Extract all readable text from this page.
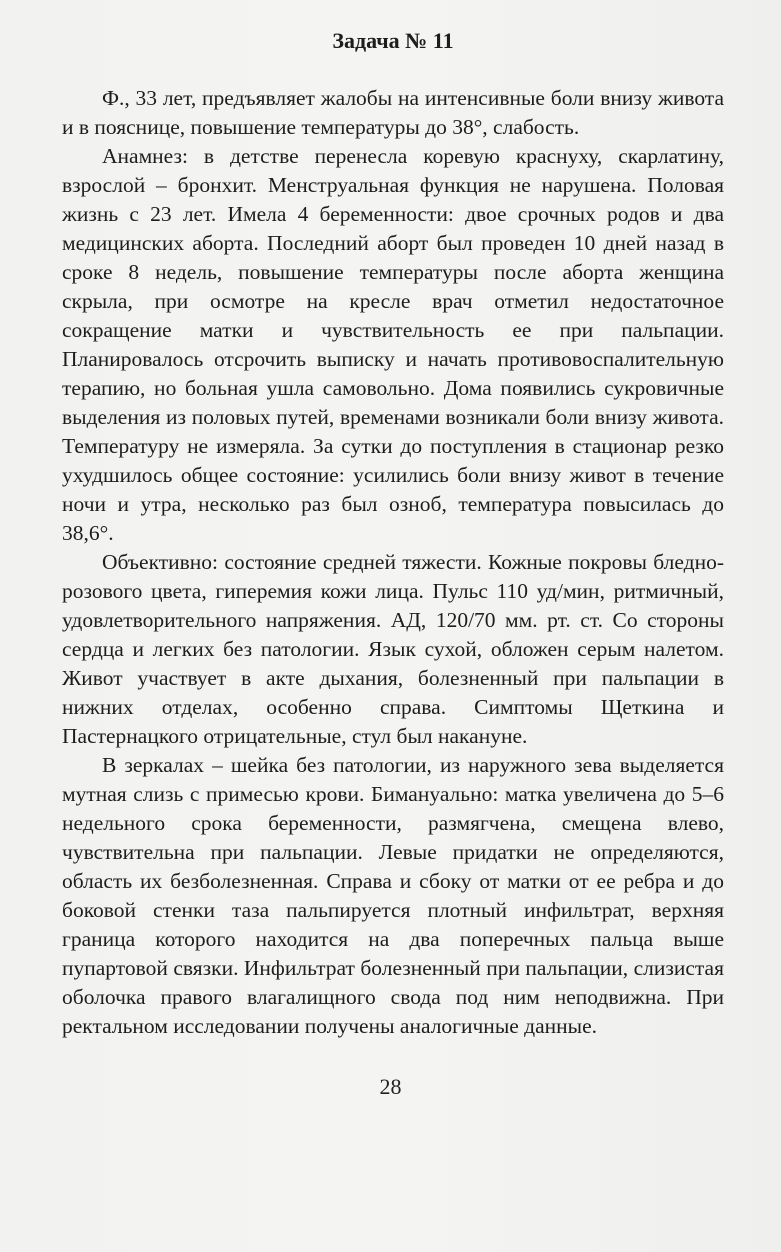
Задача № 11

Ф., 33 лет, предъявляет жалобы на интенсивные боли внизу живота и в пояснице, повышение температуры до 38°, слабость.

Анамнез: в детстве перенесла коревую краснуху, скарлатину, взрослой – бронхит. Менструальная функция не нарушена. Половая жизнь с 23 лет. Имела 4 беременности: двое срочных родов и два медицинских аборта. Последний аборт был проведен 10 дней назад в сроке 8 недель, повышение температуры после аборта женщина скрыла, при осмотре на кресле врач отметил недостаточное сокращение матки и чувствительность ее при пальпации. Планировалось отсрочить выписку и начать противовоспалительную терапию, но больная ушла самовольно. Дома появились сукровичные выделения из половых путей, временами возникали боли внизу живота. Температуру не измеряла. За сутки до поступления в стационар резко ухудшилось общее состояние: усилились боли внизу живот в течение ночи и утра, несколько раз был озноб, температура повысилась до 38,6°.

Объективно: состояние средней тяжести. Кожные покровы бледно-розового цвета, гиперемия кожи лица. Пульс 110 уд/мин, ритмичный, удовлетворительного напряжения. АД, 120/70 мм. рт. ст. Со стороны сердца и легких без патологии. Язык сухой, обложен серым налетом. Живот участвует в акте дыхания, болезненный при пальпации в нижних отделах, особенно справа. Симптомы Щеткина и Пастернацкого отрицательные, стул был накануне.

В зеркалах – шейка без патологии, из наружного зева выделяется мутная слизь с примесью крови. Бимануально: матка увеличена до 5–6 недельного срока беременности, размягчена, смещена влево, чувствительна при пальпации. Левые придатки не определяются, область их безболезненная. Справа и сбоку от матки от ее ребра и до боковой стенки таза пальпируется плотный инфильтрат, верхняя граница которого находится на два поперечных пальца выше пупартовой связки. Инфильтрат болезненный при пальпации, слизистая оболочка правого влагалищного свода под ним неподвижна. При ректальном исследовании получены аналогичные данные.

28
